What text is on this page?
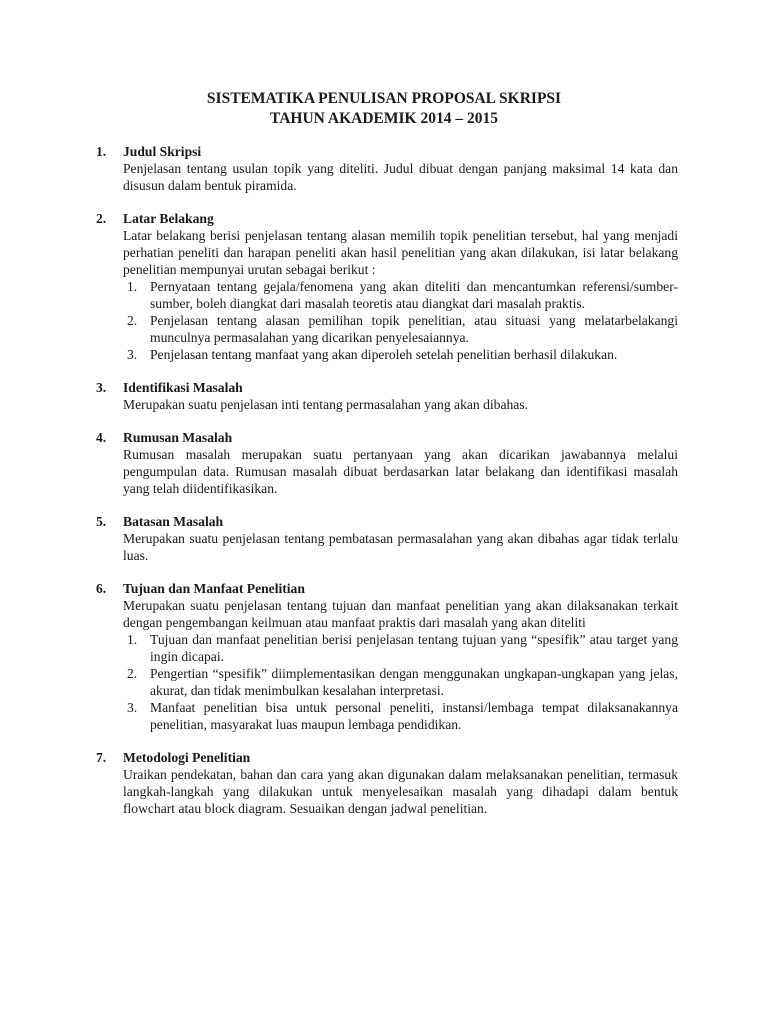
SISTEMATIKA PENULISAN PROPOSAL SKRIPSI
TAHUN AKADEMIK 2014 – 2015
1.	Judul Skripsi
Penjelasan tentang usulan topik yang diteliti. Judul dibuat dengan panjang maksimal 14 kata dan disusun dalam bentuk piramida.
2.	Latar Belakang
Latar belakang berisi penjelasan tentang alasan memilih topik penelitian tersebut, hal yang menjadi perhatian peneliti dan harapan peneliti akan hasil penelitian yang akan dilakukan, isi latar belakang penelitian mempunyai urutan sebagai berikut :
1. Pernyataan tentang gejala/fenomena yang akan diteliti dan mencantumkan referensi/sumber-sumber, boleh diangkat dari masalah teoretis atau diangkat dari masalah praktis.
2. Penjelasan tentang alasan pemilihan topik penelitian, atau situasi yang melatarbelakangi munculnya permasalahan yang dicarikan penyelesaiannya.
3. Penjelasan tentang manfaat yang akan diperoleh setelah penelitian berhasil dilakukan.
3.	Identifikasi Masalah
Merupakan suatu penjelasan inti tentang permasalahan yang akan dibahas.
4.	Rumusan Masalah
Rumusan masalah merupakan suatu pertanyaan yang akan dicarikan jawabannya melalui pengumpulan data. Rumusan masalah dibuat berdasarkan latar belakang dan identifikasi masalah yang telah diidentifikasikan.
5.	Batasan Masalah
Merupakan suatu penjelasan tentang pembatasan permasalahan yang akan dibahas agar tidak terlalu luas.
6.	Tujuan dan Manfaat Penelitian
Merupakan suatu penjelasan tentang tujuan dan manfaat penelitian yang akan dilaksanakan terkait dengan pengembangan keilmuan atau manfaat praktis dari masalah yang akan diteliti
1. Tujuan dan manfaat penelitian berisi penjelasan tentang tujuan yang “spesifik” atau target yang ingin dicapai.
2. Pengertian “spesifik” diimplementasikan dengan menggunakan ungkapan-ungkapan yang jelas, akurat, dan tidak menimbulkan kesalahan interpretasi.
3. Manfaat penelitian bisa untuk personal peneliti, instansi/lembaga tempat dilaksanakannya penelitian, masyarakat luas maupun lembaga pendidikan.
7.	Metodologi Penelitian
Uraikan pendekatan, bahan dan cara yang akan digunakan dalam melaksanakan penelitian, termasuk langkah-langkah yang dilakukan untuk menyelesaikan masalah yang dihadapi dalam bentuk flowchart atau block diagram. Sesuaikan dengan jadwal penelitian.
